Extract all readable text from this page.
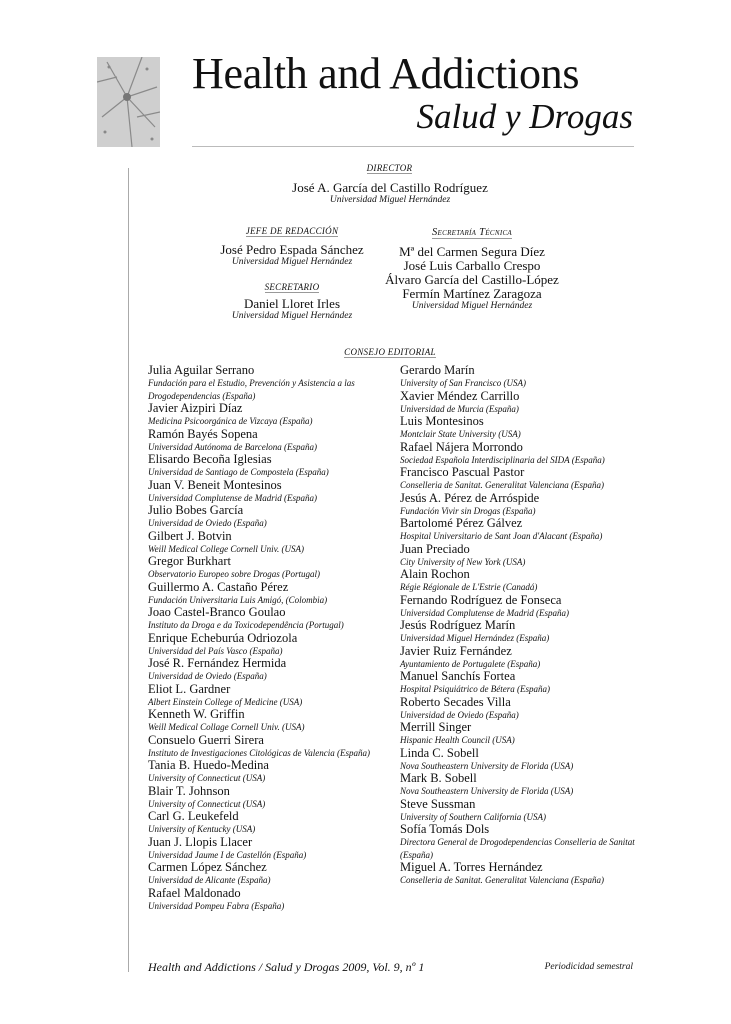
Health and Addictions
Salud y Drogas
DIRECTOR
José A. García del Castillo Rodríguez
Universidad Miguel Hernández
JEFE DE REDACCIÓN
José Pedro Espada Sánchez
Universidad Miguel Hernández
SECRETARIO
Daniel Lloret Irles
Universidad Miguel Hernández
Secretaría Técnica
Mª del Carmen Segura Díez
José Luis Carballo Crespo
Álvaro García del Castillo-López
Fermín Martínez Zaragoza
Universidad Miguel Hernández
CONSEJO EDITORIAL
Julia Aguilar Serrano
Fundación para el Estudio, Prevención y Asistencia a las Drogodependencias (España)
Javier Aizpiri Díaz
Medicina Psicoorgánica de Vizcaya (España)
Ramón Bayés Sopena
Universidad Autónoma de Barcelona (España)
Elisardo Becoña Iglesias
Universidad de Santiago de Compostela (España)
Juan V. Beneit Montesinos
Universidad Complutense de Madrid (España)
Julio Bobes García
Universidad de Oviedo (España)
Gilbert J. Botvin
Weill Medical College Cornell Univ. (USA)
Gregor Burkhart
Observatorio Europeo sobre Drogas (Portugal)
Guillermo A. Castaño Pérez
Fundación Universitaria Luis Amigó, (Colombia)
Joao Castel-Branco Goulao
Instituto da Droga e da Toxicodependência (Portugal)
Enrique Echeburúa Odriozola
Universidad del País Vasco (España)
José R. Fernández Hermida
Universidad de Oviedo (España)
Eliot L. Gardner
Albert Einstein College of Medicine (USA)
Kenneth W. Griffin
Weill Medical Collage Cornell Univ. (USA)
Consuelo Guerri Sirera
Instituto de Investigaciones Citológicas de Valencia (España)
Tania B. Huedo-Medina
University of Connecticut (USA)
Blair T. Johnson
University of Connecticut (USA)
Carl G. Leukefeld
University of Kentucky (USA)
Juan J. Llopis Llacer
Universidad Jaume I de Castellón (España)
Carmen López Sánchez
Universidad de Alicante (España)
Rafael Maldonado
Universidad Pompeu Fabra (España)
Gerardo Marín
University of San Francisco (USA)
Xavier Méndez Carrillo
Universidad de Murcia (España)
Luis Montesinos
Montclair State University (USA)
Rafael Nájera Morrondo
Sociedad Española Interdisciplinaria del SIDA (España)
Francisco Pascual Pastor
Conselleria de Sanitat. Generalitat Valenciana (España)
Jesús A. Pérez de Arróspide
Fundación Vivir sin Drogas (España)
Bartolomé Pérez Gálvez
Hospital Universitario de Sant Joan d'Alacant (España)
Juan Preciado
City University of New York (USA)
Alain Rochon
Régie Régionale de L'Estrie (Canadá)
Fernando Rodríguez de Fonseca
Universidad Complutense de Madrid (España)
Jesús Rodríguez Marín
Universidad Miguel Hernández (España)
Javier Ruiz Fernández
Ayuntamiento de Portugalete (España)
Manuel Sanchís Fortea
Hospital Psiquiátrico de Bétera (España)
Roberto Secades Villa
Universidad de Oviedo (España)
Merrill Singer
Hispanic Health Council (USA)
Linda C. Sobell
Nova Southeastern University de Florida (USA)
Mark B. Sobell
Nova Southeastern University de Florida (USA)
Steve Sussman
University of Southern California (USA)
Sofía Tomás Dols
Directora General de Drogodependencias Conselleria de Sanitat (España)
Miguel A. Torres Hernández
Conselleria de Sanitat. Generalitat Valenciana (España)
Health and Addictions / Salud y Drogas 2009, Vol. 9, nº 1	Periodicidad semestral
